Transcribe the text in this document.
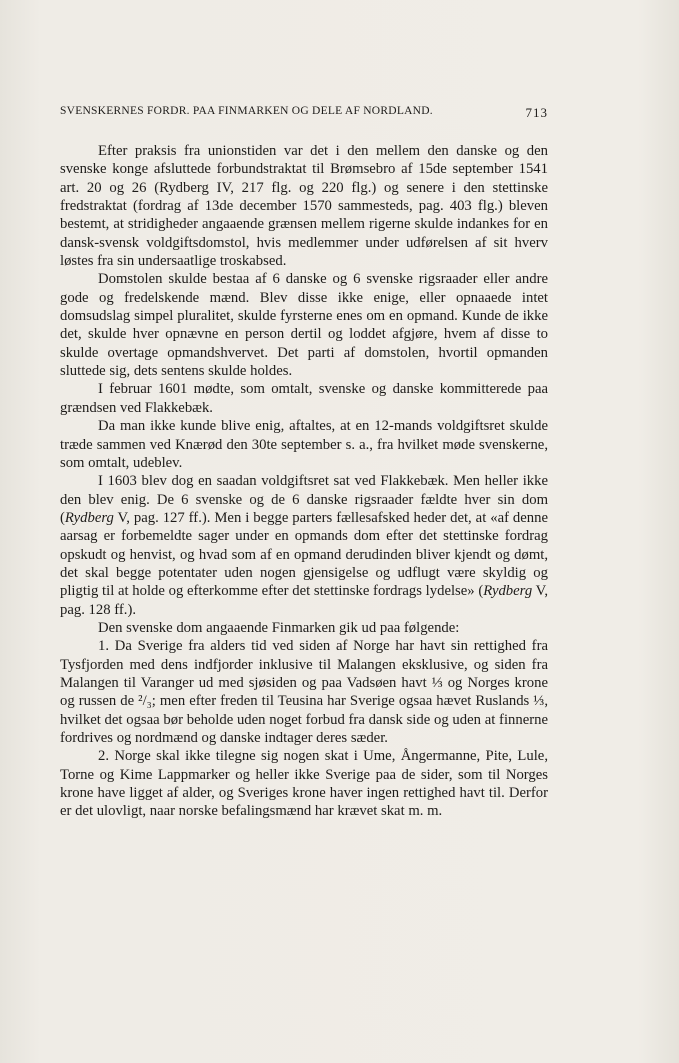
SVENSKERNES FORDR. PAA FINMARKEN OG DELE AF NORDLAND.	713

Efter praksis fra unionstiden var det i den mellem den danske og den svenske konge afsluttede forbundstraktat til Brømsebro af 15de september 1541 art. 20 og 26 (Rydberg IV, 217 flg. og 220 flg.) og senere i den stettinske fredstraktat (fordrag af 13de december 1570 sammesteds, pag. 403 flg.) bleven bestemt, at stridigheder angaaende grænsen mellem rigerne skulde indankes for en dansk-svensk voldgiftsdomstol, hvis medlemmer under udførelsen af sit hverv løstes fra sin undersaatlige troskabsed.

Domstolen skulde bestaa af 6 danske og 6 svenske rigsraader eller andre gode og fredelskende mænd. Blev disse ikke enige, eller opnaaede intet domsudslag simpel pluralitet, skulde fyrsterne enes om en opmand. Kunde de ikke det, skulde hver opnævne en person dertil og loddet afgjøre, hvem af disse to skulde overtage opmandshvervet. Det parti af domstolen, hvortil opmanden sluttede sig, dets sentens skulde holdes.

I februar 1601 mødte, som omtalt, svenske og danske kommitterede paa grændsen ved Flakkebæk.

Da man ikke kunde blive enig, aftaltes, at en 12-mands voldgiftsret skulde træde sammen ved Knærød den 30te september s. a., fra hvilket møde svenskerne, som omtalt, udeblev.

I 1603 blev dog en saadan voldgiftsret sat ved Flakkebæk. Men heller ikke den blev enig. De 6 svenske og de 6 danske rigsraader fældte hver sin dom (Rydberg V, pag. 127 ff.). Men i begge parters fællesafsked heder det, at «af denne aarsag er forbemeldte sager under en opmands dom efter det stettinske fordrag opskudt og henvist, og hvad som af en opmand derudinden bliver kjendt og dømt, det skal begge potentater uden nogen gjensigelse og udflugt være skyldig og pligtig til at holde og efterkomme efter det stettinske fordrags lydelse» (Rydberg V, pag. 128 ff.).

Den svenske dom angaaende Finmarken gik ud paa følgende:

1. Da Sverige fra alders tid ved siden af Norge har havt sin rettighed fra Tysfjorden med dens indfjorder inklusive til Malangen eksklusive, og siden fra Malangen til Varanger ud med sjøsiden og paa Vadsøen havt ⅓ og Norges krone og russen de ²/₃; men efter freden til Teusina har Sverige ogsaa hævet Ruslands ⅓, hvilket det ogsaa bør beholde uden noget forbud fra dansk side og uden at finnerne fordrives og nordmænd og danske indtager deres sæder.

2. Norge skal ikke tilegne sig nogen skat i Ume, Ångermanne, Pite, Lule, Torne og Kime Lappmarker og heller ikke Sverige paa de sider, som til Norges krone have ligget af alder, og Sveriges krone haver ingen rettighed havt til. Derfor er det ulovligt, naar norske befalingsmænd har krævet skat m. m.
